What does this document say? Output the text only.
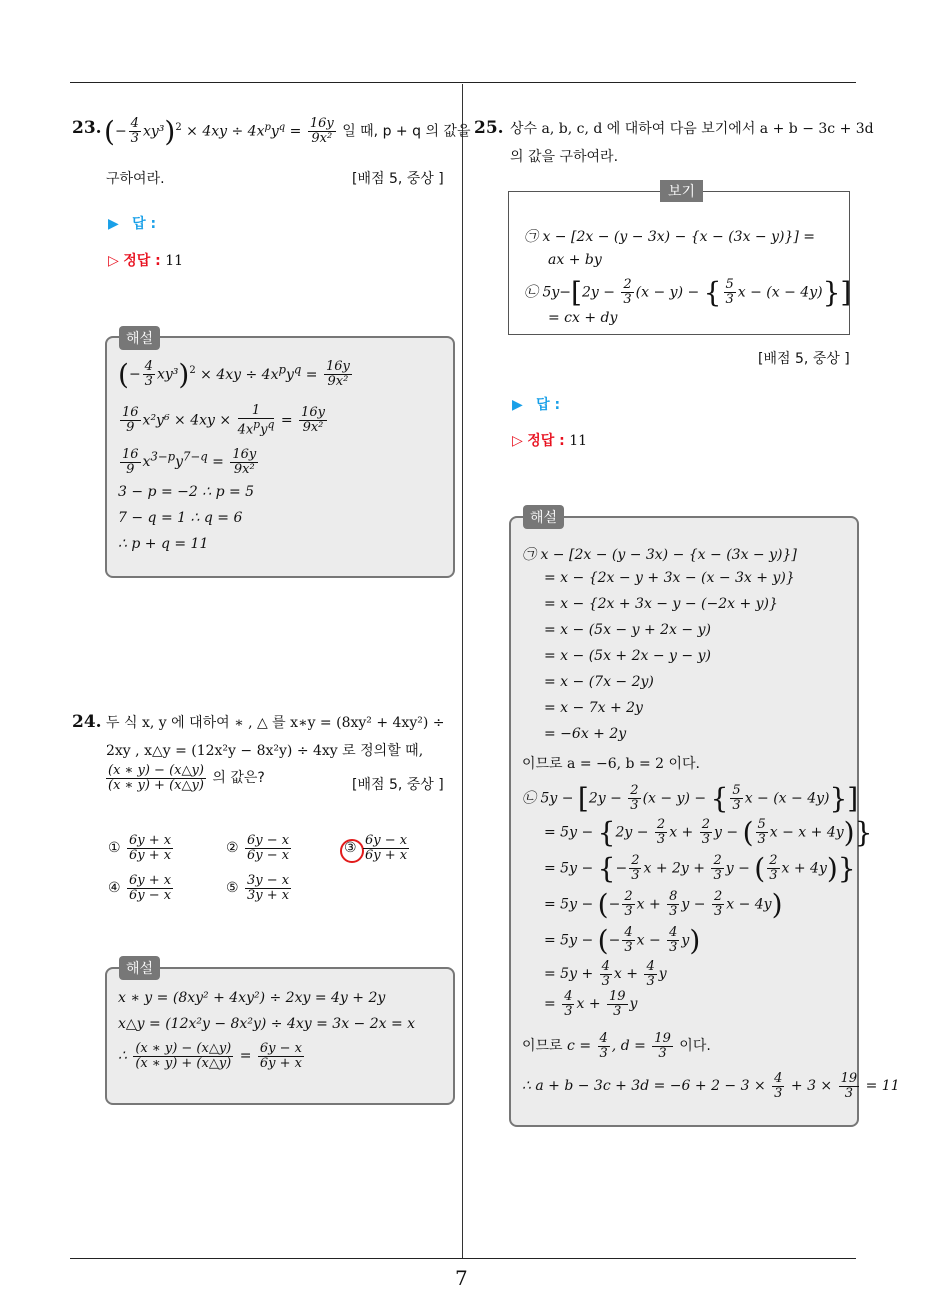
7
23. (− $\frac{4}{3} xy^3)^2 \times 4xy \div 4x^py^q = \frac{16y}{\text{9x²}}$ 일 때, p + q 의 값을
구하여라.	[배점 5, 중상 ]
▶ 답 :
▷ 정답 : 11
해설
(− $\frac{4}{3} xy^3)^2 \times 4xy \div 4x^py^q = \frac{16y}{\text{9x²}}$
$\frac{16}{9} x^2y^6 \times 4xy \times \frac{1}{4x^py^q} = \frac{16y}{\text{9x²}}$
$\frac{16}{9} x^{3-p}y^{7-q} = \frac{16y}{\text{9x²}}$
3 − p = −2 ∴ p = 5
7 − q = 1 ∴ q = 6
∴ p + q = 11
24. 두 식 x, y 에 대하여 ∗ , △ 를 x∗y = (8xy² + 4xy²) ÷
2xy , x△y = (12x²y − 8x²y) ÷ 4xy 로 정의할 때,
$\frac{(x ∗ y) - (x\triangle y)}{(x ∗ y) + (x\triangle y)}$ 의 값은?	[배점 5, 중상 ]
① $\frac{6y + x}{6y + x}$	② $\frac{6y - x}{6y - x}$	③ $\frac{6y - x}{6y + x}$
④ $\frac{6y + x}{6y - x}$	⑤ $\frac{3y - x}{3y + x}$
해설
x ∗ y = (8xy² + 4xy²) ÷ 2xy = 4y + 2y
x△y = (12x²y − 8x²y) ÷ 4xy = 3x − 2x = x
∴ $\frac{(x ∗ y) - (x\triangle y)}{(x ∗ y) + (x\triangle y)} = \frac{6y - x}{6y + x}$
25. 상수 a, b, c, d 에 대하여 다음 보기에서 a + b − 3c + 3d
의 값을 구하여라.
보기
㉠ x − [2x − (y − 3x) − {x − (3x − y)}] =
ax + by
㉡ $5y-[2y - \frac{2}{3} (x - y)$ − { $\frac{5}{3}$ x − (x − 4y)}]
= cx + dy
[배점 5, 중상 ]
▶ 답 :
▷ 정답 : 11
해설
㉠ x − [2x − (y − 3x) − {x − (3x − y)}]
= x − {2x − y + 3x − (x − 3x + y)}
= x − {2x + 3x − y − (−2x + y)}
= x − (5x − y + 2x − y)
= x − (5x + 2x − y − y)
= x − (7x − 2y)
= x − 7x + 2y
= −6x + 2y
이므로 a = −6, b = 2 이다.
㉡ $5y - [2y - \frac{2}{3} (x - y)$ − { $\frac{5}{3}$ x − (x − 4y)}]
= $5y - \{2y - \frac{2}{3}$ $x + \frac{2}{3}$ y − ( $\frac{5}{3}$ x − x + 4y)}
= 5y − {− $\frac{2}{3}$ $x + 2y + \frac{2}{3}$ y − ( $\frac{2}{3}$ x + 4y)}
= 5y − (− $\frac{2}{3}$ $x + \frac{8}{3}$ $y - \frac{2}{3}$ x − 4y)
= 5y − (− $\frac{4}{3}$ $x - \frac{4}{3} y$)
= $5y + \frac{4}{3}$ $x + \frac{4}{3}$ y
= $\frac{4}{3}$ $x + \frac{19}{3}$ y
이므로 $c = \frac{4}{3}$ , $d = \frac{19}{3}$ 이다.
∴ $a + b - 3c + 3d = -6 + 2 - 3 \times \frac{4}{3} + 3 \times \frac{19}{3} = 11$
